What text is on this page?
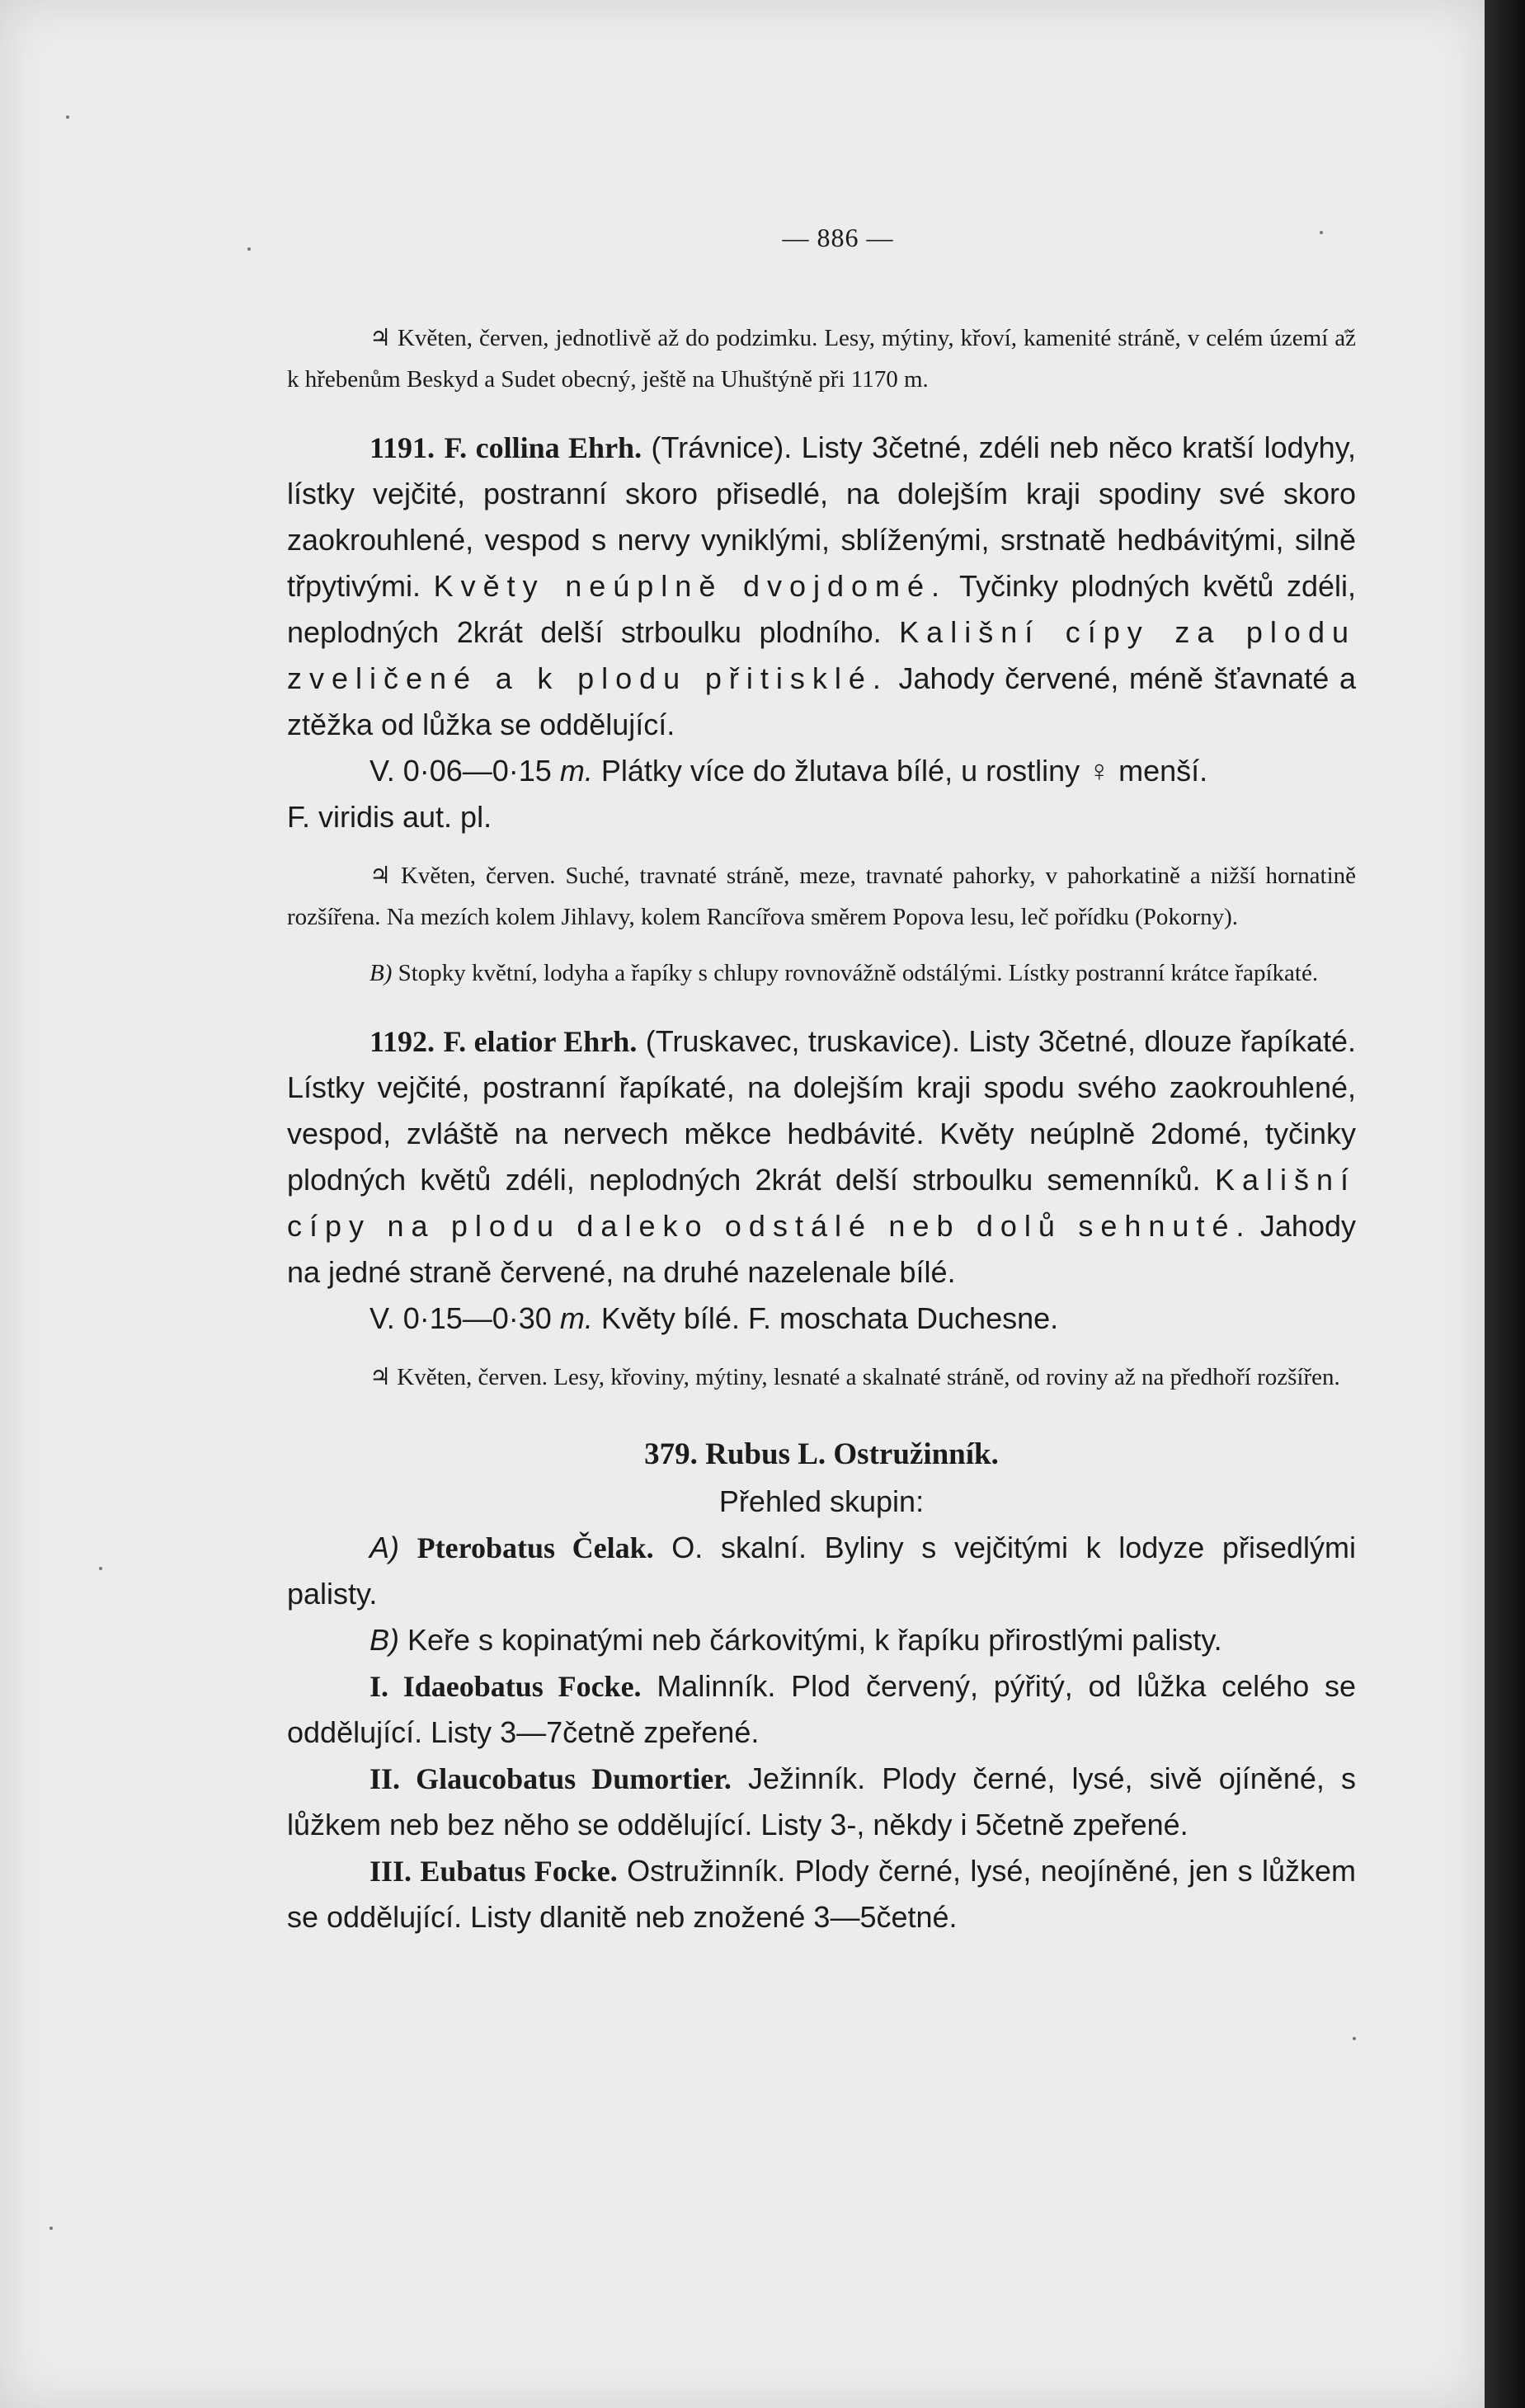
— 886 —

♃ Květen, červen, jednotlivě až do podzimku. Lesy, mýtiny, křoví, kamenité stráně, v celém území až k hřebenům Beskyd a Sudet obecný, ještě na Uhuštýně při 1170 m.

1191. F. collina Ehrh. (Trávnice). Listy 3četné, zdéli neb něco kratší lodyhy, lístky vejčité, postranní skoro přisedlé, na dolejším kraji spodiny své skoro zaokrouhlené, vespod s nervy vyniklými, sblíženými, srstnatě hedbávitými, silně třpytivými. Květy neúplně dvojdomé. Tyčinky plodných květů zdéli, neplodných 2krát delší strboulku plodního. Kališní cípy za plodu zveličené a k plodu přitisklé. Jahody červené, méně šťavnaté a ztěžka od lůžka se oddělující.

V. 0·06—0·15 m. Plátky více do žlutava bílé, u rostliny ♀ menší.

F. viridis aut. pl.

♃ Květen, červen. Suché, travnaté stráně, meze, travnaté pahorky, v pahorkatině a nižší hornatině rozšířena. Na mezích kolem Jihlavy, kolem Rancířova směrem Popova lesu, leč pořídku (Pokorny).

B) Stopky květní, lodyha a řapíky s chlupy rovnovážně odstálými. Lístky postranní krátce řapíkaté.

1192. F. elatior Ehrh. (Truskavec, truskavice). Listy 3četné, dlouze řapíkaté. Lístky vejčité, postranní řapíkaté, na dolejším kraji spodu svého zaokrouhlené, vespod, zvláště na nervech měkce hedbávité. Květy neúplně 2domé, tyčinky plodných květů zdéli, neplodných 2krát delší strboulku semenníků. Kališní cípy na plodu daleko odstálé neb dolů sehnuté. Jahody na jedné straně červené, na druhé nazelenale bílé.

V. 0·15—0·30 m. Květy bílé. F. moschata Duchesne.

♃ Květen, červen. Lesy, křoviny, mýtiny, lesnaté a skalnaté stráně, od roviny až na předhoří rozšířen.

379. Rubus L. Ostružinník.

Přehled skupin:

A) Pterobatus Čelak. O. skalní. Byliny s vejčitými k lodyze přisedlými palisty.

B) Keře s kopinatými neb čárkovitými, k řapíku přirostlými palisty.

I. Idaeobatus Focke. Malinník. Plod červený, pýřitý, od lůžka celého se oddělující. Listy 3—7četně zpeřené.

II. Glaucobatus Dumortier. Ježinník. Plody černé, lysé, sivě ojíněné, s lůžkem neb bez něho se oddělující. Listy 3-, někdy i 5četně zpeřené.

III. Eubatus Focke. Ostružinník. Plody černé, lysé, neojíněné, jen s lůžkem se oddělující. Listy dlanitě neb znožené 3—5četné.
